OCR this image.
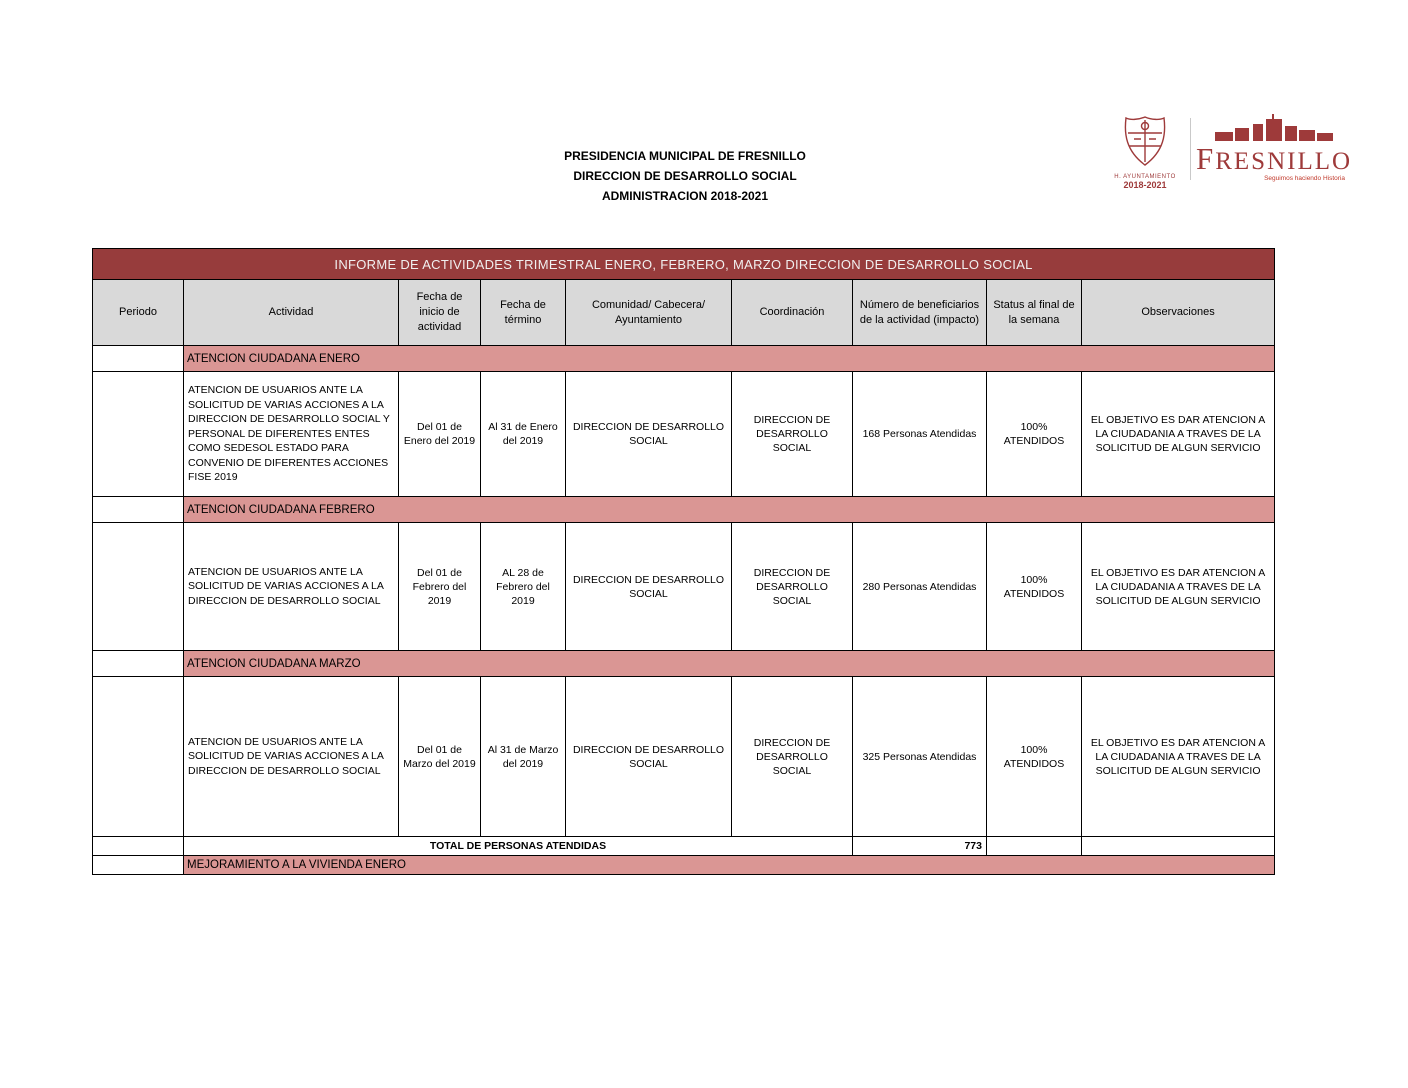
PRESIDENCIA MUNICIPAL DE FRESNILLO
DIRECCION DE DESARROLLO SOCIAL
ADMINISTRACION 2018-2021
H. AYUNTAMIENTO
2018-2021
FRESNILLO
Seguimos haciendo Historia
INFORME DE ACTIVIDADES TRIMESTRAL ENERO, FEBRERO, MARZO DIRECCION DE DESARROLLO SOCIAL								
Periodo	Actividad	Fecha de inicio de actividad	Fecha de término	Comunidad/ Cabecera/ Ayuntamiento	Coordinación	Número de beneficiarios de la actividad (impacto)	Status al final de la semana	Observaciones
	ATENCION CIUDADANA ENERO							
	ATENCION DE USUARIOS ANTE LA SOLICITUD DE VARIAS ACCIONES A LA DIRECCION DE DESARROLLO SOCIAL Y PERSONAL DE DIFERENTES ENTES COMO SEDESOL ESTADO PARA CONVENIO DE DIFERENTES ACCIONES FISE 2019	Del 01 de Enero del 2019	Al 31 de Enero del 2019	DIRECCION DE DESARROLLO SOCIAL	DIRECCION DE DESARROLLO SOCIAL	168 Personas Atendidas	100% ATENDIDOS	EL OBJETIVO ES DAR ATENCION A LA CIUDADANIA A TRAVES DE LA SOLICITUD DE ALGUN SERVICIO
	ATENCION CIUDADANA FEBRERO							
	ATENCION DE USUARIOS ANTE LA SOLICITUD DE VARIAS ACCIONES A LA DIRECCION DE DESARROLLO SOCIAL	Del 01 de Febrero del 2019	AL 28 de Febrero del 2019	DIRECCION DE DESARROLLO SOCIAL	DIRECCION DE DESARROLLO SOCIAL	280 Personas Atendidas	100% ATENDIDOS	EL OBJETIVO ES DAR ATENCION A LA CIUDADANIA A TRAVES DE LA SOLICITUD DE ALGUN SERVICIO
	ATENCION CIUDADANA MARZO							
	ATENCION DE USUARIOS ANTE LA SOLICITUD DE VARIAS ACCIONES A LA DIRECCION DE DESARROLLO SOCIAL	Del 01 de Marzo del 2019	Al 31 de Marzo del 2019	DIRECCION DE DESARROLLO SOCIAL	DIRECCION DE DESARROLLO SOCIAL	325 Personas Atendidas	100% ATENDIDOS	EL OBJETIVO ES DAR ATENCION A LA CIUDADANIA A TRAVES DE LA SOLICITUD DE ALGUN SERVICIO
	TOTAL DE PERSONAS ATENDIDAS					773		
	MEJORAMIENTO A LA VIVIENDA ENERO							
